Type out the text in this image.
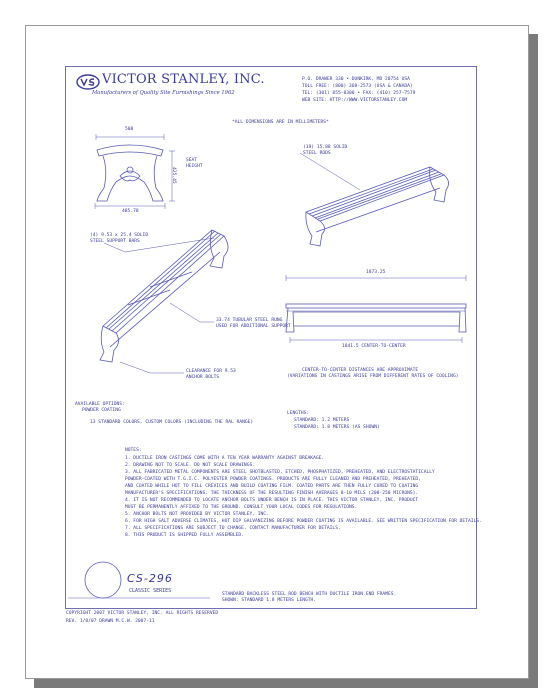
VICTOR STANLEY, INC.
Manufacturers of Quality Site Furnishings Since 1962
P.O. DRAWER 330 • DUNKIRK, MD 20754 USA
TOLL FREE: (800) 368-2573 (USA & CANADA)
TEL: (301) 855-8300 • FAX: (410) 257-7579
WEB SITE: HTTP://WWW.VICTORSTANLEY.COM
*ALL DIMENSIONS ARE IN MILLIMETERS*
508
425.45
SEAT
HEIGHT
485.78
1873.25
1841.5 CENTER-TO-CENTER
(19) 15.88 SOLID
STEEL RODS
(4) 9.53 x 25.4 SOLID
STEEL SUPPORT BARS
33.74 TUBULAR STEEL RUNG
USED FOR ADDITIONAL SUPPORT
CLEARANCE FOR 9.53
ANCHOR BOLTS
CENTER-TO-CENTER DISTANCES ARE APPROXIMATE
(VARIATIONS IN CASTINGS ARISE FROM DIFFERENT RATES OF COOLING)
AVAILABLE OPTIONS:
POWDER COATING
13 STANDARD COLORS, CUSTOM COLORS (INCLUDING THE RAL RANGE)
LENGTHS:
STANDARD: 1.2 METERS
STANDARD: 1.8 METERS (AS SHOWN)
NOTES:
1. DUCTILE IRON CASTINGS COME WITH A TEN YEAR WARRANTY AGAINST BREAKAGE.
2. DRAWING NOT TO SCALE. DO NOT SCALE DRAWINGS.
3. ALL FABRICATED METAL COMPONENTS ARE STEEL SHOTBLASTED, ETCHED, PHOSPHATIZED, PREHEATED, AND ELECTROSTATICALLY
POWDER-COATED WITH T.G.I.C. POLYESTER POWDER COATINGS. PRODUCTS ARE FULLY CLEANED AND PREHEATED, PREHEATED,
AND COATED WHILE HOT TO FILL CREVICES AND BUILD COATING FILM. COATED PARTS ARE THEN FULLY CURED TO COATING
MANUFACTURER'S SPECIFICATIONS. THE THICKNESS OF THE RESULTING FINISH AVERAGES 8-10 MILS (200-250 MICRONS).
4. IT IS NOT RECOMMENDED TO LOCATE ANCHOR BOLTS UNDER BENCH IS IN PLACE. THIS VICTOR STANLEY, INC. PRODUCT
MUST BE PERMANENTLY AFFIXED TO THE GROUND. CONSULT YOUR LOCAL CODES FOR REGULATIONS.
5. ANCHOR BOLTS NOT PROVIDED BY VICTOR STANLEY, INC.
6. FOR HIGH SALT ADVERSE CLIMATES, HOT DIP GALVANIZING BEFORE POWDER COATING IS AVAILABLE. SEE WRITTEN SPECIFICATION FOR DETAILS.
7. ALL SPECIFICATIONS ARE SUBJECT TO CHANGE. CONTACT MANUFACTURER FOR DETAILS.
8. THIS PRODUCT IS SHIPPED FULLY ASSEMBLED.
CS-296
CLASSIC SERIES
STANDARD BACKLESS STEEL ROD BENCH WITH DUCTILE IRON END FRAMES.
SHOWN: STANDARD 1.8 METERS LENGTH.
COPYRIGHT 2007 VICTOR STANLEY, INC. ALL RIGHTS RESERVED
REV. 1/8/07 DRAWN M.C.W. 2007-11
